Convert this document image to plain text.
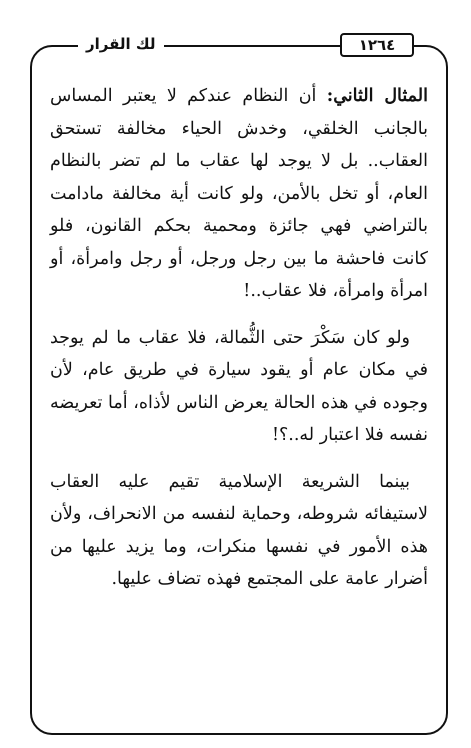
لك القرار	١٢٦٤

المثال الثاني: أن النظام عندكم لا يعتبر المساس بالجانب الخلقي، وخدش الحياء مخالفة تستحق العقاب.. بل لا يوجد لها عقاب ما لم تضر بالنظام العام، أو تخل بالأمن، ولو كانت أية مخالفة مادامت بالتراضي فهي جائزة ومحمية بحكم القانون، فلو كانت فاحشة ما بين رجل ورجل، أو رجل وامرأة، أو امرأة وامرأة، فلا عقاب..!

ولو كان سَكْرَ حتى الثُّمالة، فلا عقاب ما لم يوجد في مكان عام أو يقود سيارة في طريق عام، لأن وجوده في هذه الحالة يعرض الناس لأذاه، أما تعريضه نفسه فلا اعتبار له..؟!

بينما الشريعة الإسلامية تقيم عليه العقاب لاستيفائه شروطه، وحماية لنفسه من الانحراف، ولأن هذه الأمور في نفسها منكرات، وما يزيد عليها من أضرار عامة على المجتمع فهذه تضاف عليها.
